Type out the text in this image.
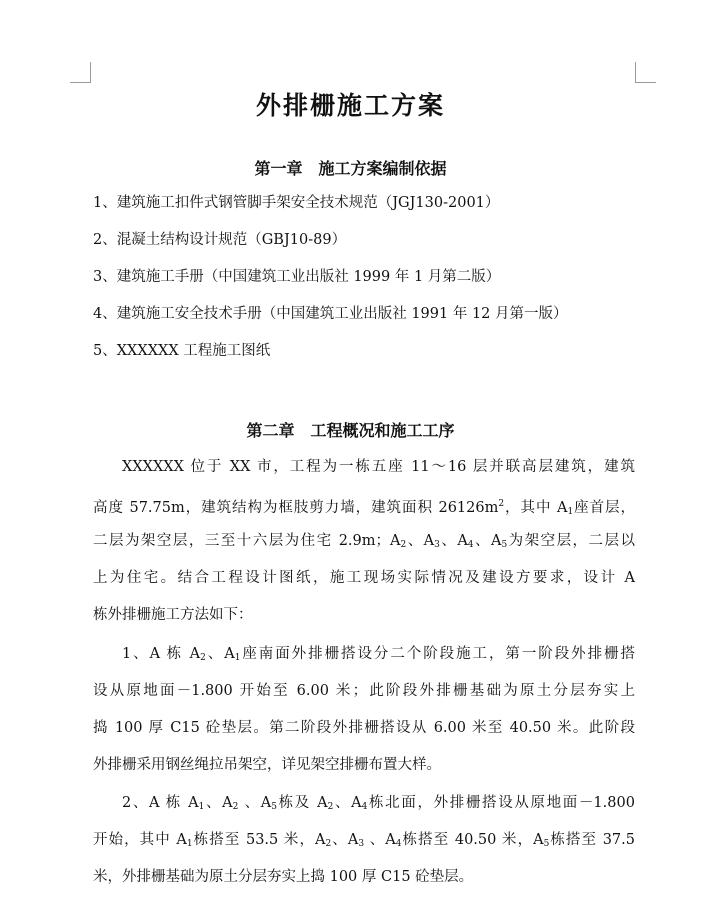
外排栅施工方案
第一章　施工方案编制依据
1、建筑施工扣件式钢管脚手架安全技术规范（JGJ130-2001）
2、混凝土结构设计规范（GBJ10-89）
3、建筑施工手册（中国建筑工业出版社 1999 年 1 月第二版）
4、建筑施工安全技术手册（中国建筑工业出版社 1991 年 12 月第一版）
5、XXXXXX 工程施工图纸
第二章　工程概况和施工工序
XXXXXX 位于 XX 市，工程为一栋五座 11～16 层并联高层建筑，建筑
高度 57.75m，建筑结构为框肢剪力墙，建筑面积 $26126m^2$，其中 $A_1$座首层，
二层为架空层，三至十六层为住宅 2.9m；$A_2$、$A_3$、$A_4$、$A_5$为架空层，二层以
上为住宅。结合工程设计图纸，施工现场实际情况及建设方要求，设计 A
栋外排栅施工方法如下：
1、A 栋 $A_2$、$A_1$座南面外排栅搭设分二个阶段施工，第一阶段外排栅搭
设从原地面－1.800 开始至 6.00 米；此阶段外排栅基础为原土分层夯实上
捣 100 厚 C15 砼垫层。第二阶段外排栅搭设从 6.00 米至 40.50 米。此阶段
外排栅采用钢丝绳拉吊架空，详见架空排栅布置大样。
2、A 栋 $A_1$、$A_2$ 、$A_5$栋及 $A_2$、$A_4$栋北面，外排栅搭设从原地面－1.800
开始，其中 $A_1$栋搭至 53.5 米，$A_2$、$A_3$ 、$A_4$栋搭至 40.50 米，$A_5$栋搭至 37.5
米，外排栅基础为原土分层夯实上捣 100 厚 C15 砼垫层。
